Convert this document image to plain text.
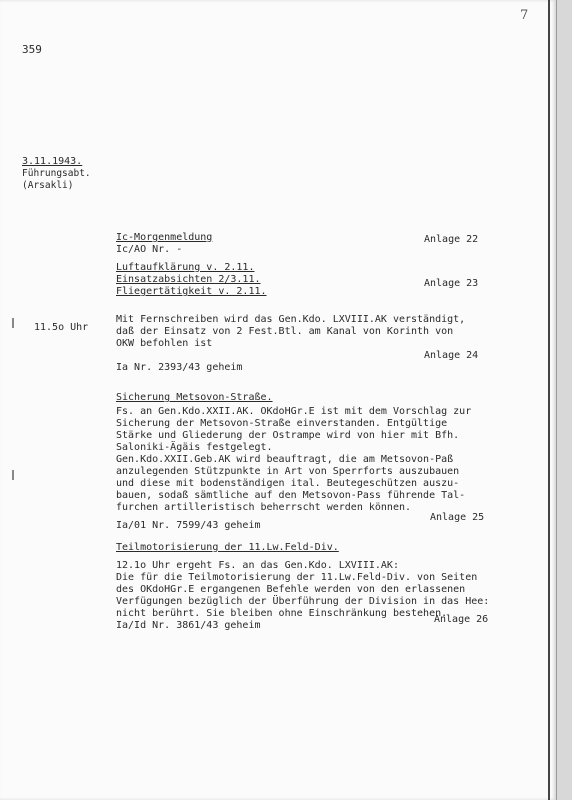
7
359
3.11.1943.
Führungsabt.
(Arsakli)
Ic-Morgenmeldung
Ic/AO Nr. -
Anlage 22
Luftaufklärung v. 2.11.
Einsatzabsichten 2/3.11.
Fliegertätigkeit v. 2.11.
Anlage 23
11.5o Uhr
Mit Fernschreiben wird das Gen.Kdo. LXVIII.AK verständigt,
daß der Einsatz von 2 Fest.Btl. am Kanal von Korinth von
OKW befohlen ist
Anlage 24
Ia Nr. 2393/43 geheim
Sicherung Metsovon-Straße.
Fs. an Gen.Kdo.XXII.AK. OKdoHGr.E ist mit dem Vorschlag zur
Sicherung der Metsovon-Straße einverstanden. Entgültige
Stärke und Gliederung der Ostrampe wird von hier mit Bfh.
Saloniki-Ägäis festgelegt.
Gen.Kdo.XXII.Geb.AK wird beauftragt, die am Metsovon-Paß
anzulegenden Stützpunkte in Art von Sperrforts auszubauen
und diese mit bodenständigen ital. Beutegeschützen auszu-
bauen, sodaß sämtliche auf den Metsovon-Pass führende Tal-
furchen artilleristisch beherrscht werden können.
Anlage 25
Ia/01 Nr. 7599/43 geheim
Teilmotorisierung der 11.Lw.Feld-Div.
12.1o Uhr ergeht Fs. an das Gen.Kdo. LXVIII.AK:
Die für die Teilmotorisierung der 11.Lw.Feld-Div. von Seiten
des OKdoHGr.E ergangenen Befehle werden von den erlassenen
Verfügungen bezüglich der Überführung der Division in das Hee:
nicht berührt. Sie bleiben ohne Einschränkung bestehen.
Anlage 26
Ia/Id Nr. 3861/43 geheim
